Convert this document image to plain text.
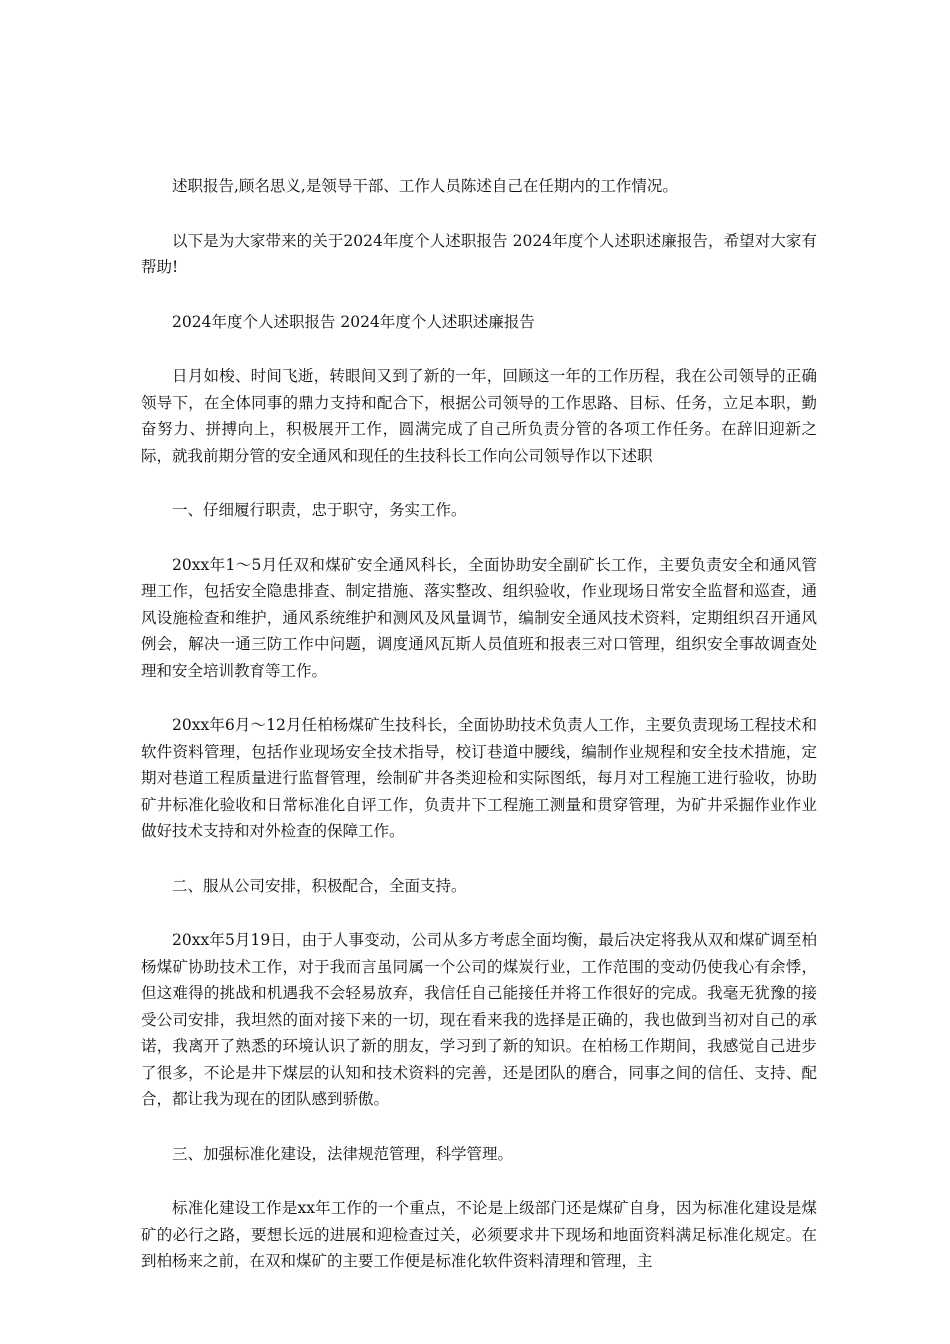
述职报告,顾名思义,是领导干部、工作人员陈述自己在任期内的工作情况。

以下是为大家带来的关于2024年度个人述职报告 2024年度个人述职述廉报告，希望对大家有帮助!

2024年度个人述职报告 2024年度个人述职述廉报告

日月如梭、时间飞逝，转眼间又到了新的一年，回顾这一年的工作历程，我在公司领导的正确领导下，在全体同事的鼎力支持和配合下，根据公司领导的工作思路、目标、任务，立足本职，勤奋努力、拼搏向上，积极展开工作，圆满完成了自己所负责分管的各项工作任务。在辞旧迎新之际，就我前期分管的安全通风和现任的生技科长工作向公司领导作以下述职

一、仔细履行职责，忠于职守，务实工作。

20xx年1～5月任双和煤矿安全通风科长，全面协助安全副矿长工作，主要负责安全和通风管理工作，包括安全隐患排查、制定措施、落实整改、组织验收，作业现场日常安全监督和巡查，通风设施检查和维护，通风系统维护和测风及风量调节，编制安全通风技术资料，定期组织召开通风例会，解决一通三防工作中问题，调度通风瓦斯人员值班和报表三对口管理，组织安全事故调查处理和安全培训教育等工作。

20xx年6月～12月任柏杨煤矿生技科长，全面协助技术负责人工作，主要负责现场工程技术和软件资料管理，包括作业现场安全技术指导，校订巷道中腰线，编制作业规程和安全技术措施，定期对巷道工程质量进行监督管理，绘制矿井各类迎检和实际图纸，每月对工程施工进行验收，协助矿井标准化验收和日常标准化自评工作，负责井下工程施工测量和贯穿管理，为矿井采掘作业作业做好技术支持和对外检查的保障工作。

二、服从公司安排，积极配合，全面支持。

20xx年5月19日，由于人事变动，公司从多方考虑全面均衡，最后决定将我从双和煤矿调至柏杨煤矿协助技术工作，对于我而言虽同属一个公司的煤炭行业，工作范围的变动仍使我心有余悸，但这难得的挑战和机遇我不会轻易放弃，我信任自己能接任并将工作很好的完成。我毫无犹豫的接受公司安排，我坦然的面对接下来的一切，现在看来我的选择是正确的，我也做到当初对自己的承诺，我离开了熟悉的环境认识了新的朋友，学习到了新的知识。在柏杨工作期间，我感觉自己进步了很多，不论是井下煤层的认知和技术资料的完善，还是团队的磨合，同事之间的信任、支持、配合，都让我为现在的团队感到骄傲。

三、加强标准化建设，法律规范管理，科学管理。

标准化建设工作是xx年工作的一个重点，不论是上级部门还是煤矿自身，因为标准化建设是煤矿的必行之路，要想长远的进展和迎检查过关，必须要求井下现场和地面资料满足标准化规定。在到柏杨来之前，在双和煤矿的主要工作便是标准化软件资料清理和管理，主
